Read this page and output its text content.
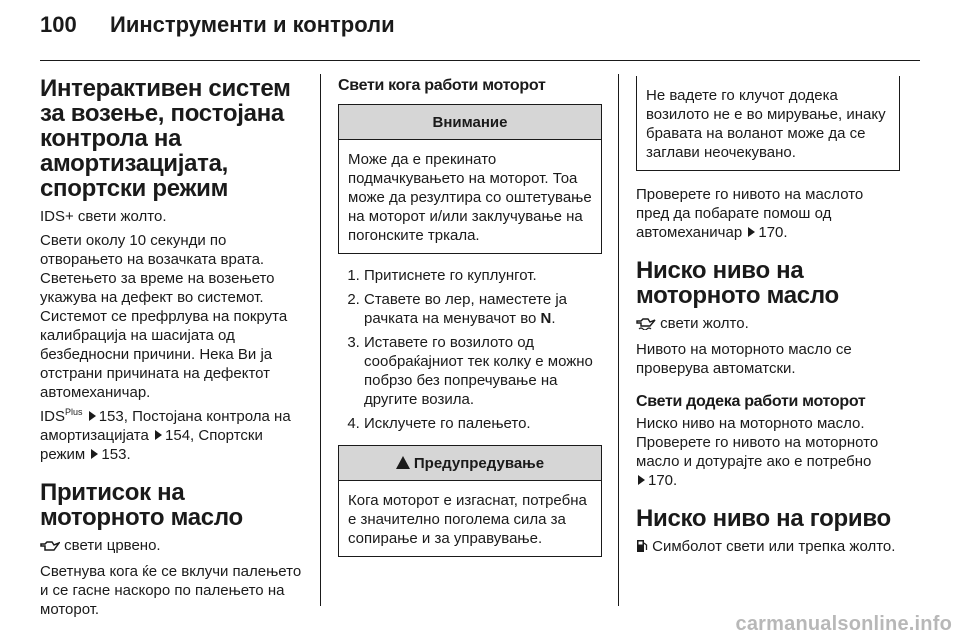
100 Иинструменти и контроли
Интерактивен систем за возење, постојана контрола на амортизацијата, спортски режим

IDS+ свети жолто.

Свети околу 10 секунди по отворањето на возачката врата. Светењето за време на возењето укажува на дефект во системот. Системот се префрлува на покрута калибрација на шасијата од безбедносни причини. Нека Ви ја отстрани причината на дефектот автомеханичар.

$IDS^{Plus}$ 153, Постојана контрола на амортизацијата 154, Спортски режим 153.

Притисок на моторното масло

свети црвено.

Светнува кога ќе се вклучи палењето и се гасне наскоро по палењето на моторот.

Свети кога работи моторот
Внимание
Може да е прекинато подмачкувањето на моторот. Тоа може да резултира со оштетување на моторот и/или заклучување на погонските тркала.
1. Притиснете го куплунгот.
2. Ставете во лер, наместете ја рачката на менувачот во N.
3. Иставете го возилото од сообраќајниот тек колку е можно побрзо без попречување на другите возила.
4. Исклучете го палењето.
Предупредување
Кога моторот е изгаснат, потребна е значително поголема сила за сопирање и за управување.
Не вадете го клучот додека возилото не е во мирување, инаку бравата на воланот може да се заглави неочекувано.

Проверете го нивото на маслото пред да побарате помош од автомеханичар 170.

Ниско ниво на моторното масло

свети жолто.

Нивото на моторното масло се проверува автоматски.

Свети додека работи моторот

Ниско ниво на моторното масло. Проверете го нивото на моторното масло и дотурајте ако е потребно
170.

Ниско ниво на гориво

Симболот свети или трепка жолто.

carmanualsonline.info
